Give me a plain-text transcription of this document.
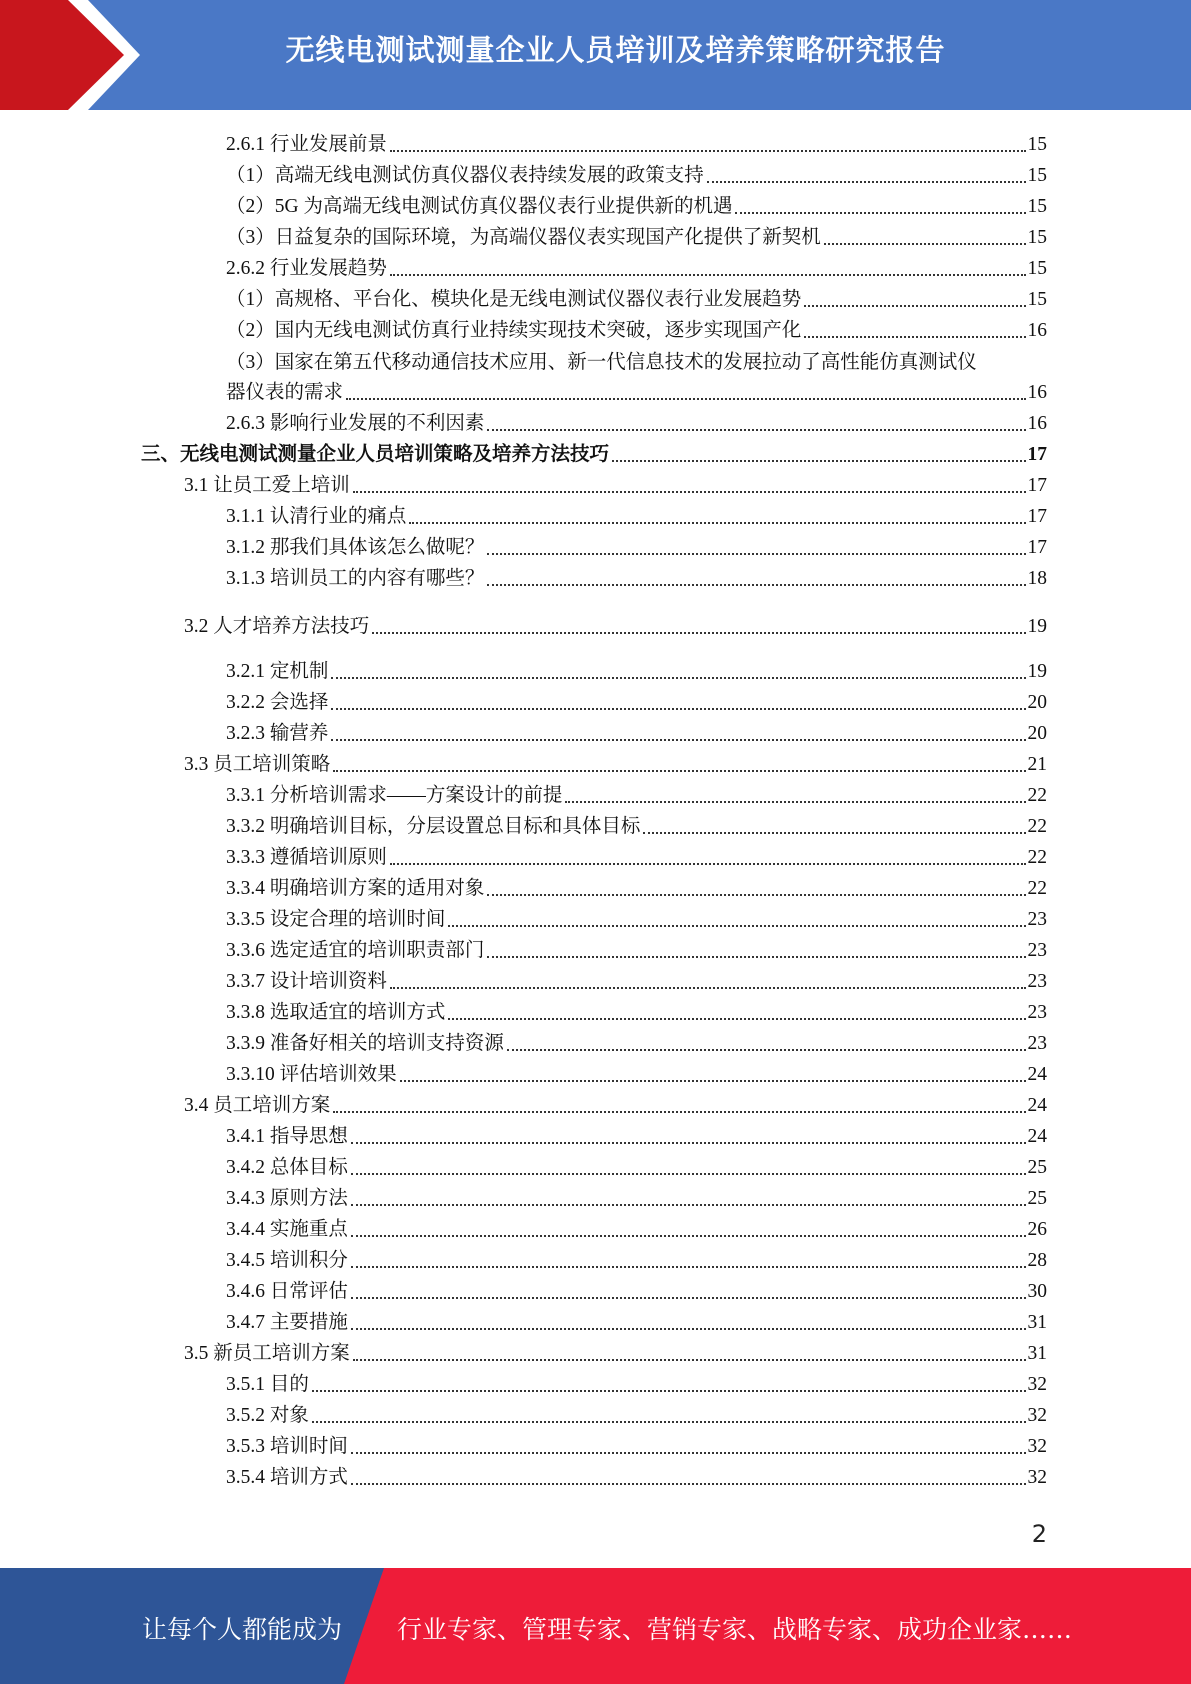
无线电测试测量企业人员培训及培养策略研究报告
2.6.1 行业发展前景	15
（1）高端无线电测试仿真仪器仪表持续发展的政策支持	15
（2）5G 为高端无线电测试仿真仪器仪表行业提供新的机遇	15
（3）日益复杂的国际环境，为高端仪器仪表实现国产化提供了新契机	15
2.6.2 行业发展趋势	15
（1）高规格、平台化、模块化是无线电测试仪器仪表行业发展趋势	15
（2）国内无线电测试仿真行业持续实现技术突破，逐步实现国产化	16
（3）国家在第五代移动通信技术应用、新一代信息技术的发展拉动了高性能仿真测试仪
器仪表的需求	16
2.6.3 影响行业发展的不利因素	16
三、无线电测试测量企业人员培训策略及培养方法技巧	17
3.1 让员工爱上培训	17
3.1.1 认清行业的痛点	17
3.1.2 那我们具体该怎么做呢？	17
3.1.3 培训员工的内容有哪些？	18
3.2 人才培养方法技巧	19
3.2.1 定机制	19
3.2.2 会选择	20
3.2.3 输营养	20
3.3 员工培训策略	21
3.3.1 分析培训需求——方案设计的前提	22
3.3.2 明确培训目标，分层设置总目标和具体目标	22
3.3.3 遵循培训原则	22
3.3.4 明确培训方案的适用对象	22
3.3.5 设定合理的培训时间	23
3.3.6 选定适宜的培训职责部门	23
3.3.7 设计培训资料	23
3.3.8 选取适宜的培训方式	23
3.3.9 准备好相关的培训支持资源	23
3.3.10 评估培训效果	24
3.4 员工培训方案	24
3.4.1 指导思想	24
3.4.2 总体目标	25
3.4.3 原则方法	25
3.4.4 实施重点	26
3.4.5 培训积分	28
3.4.6 日常评估	30
3.4.7 主要措施	31
3.5 新员工培训方案	31
3.5.1 目的	32
3.5.2 对象	32
3.5.3 培训时间	32
3.5.4 培训方式	32
2
让每个人都能成为 行业专家、管理专家、营销专家、战略专家、成功企业家……
